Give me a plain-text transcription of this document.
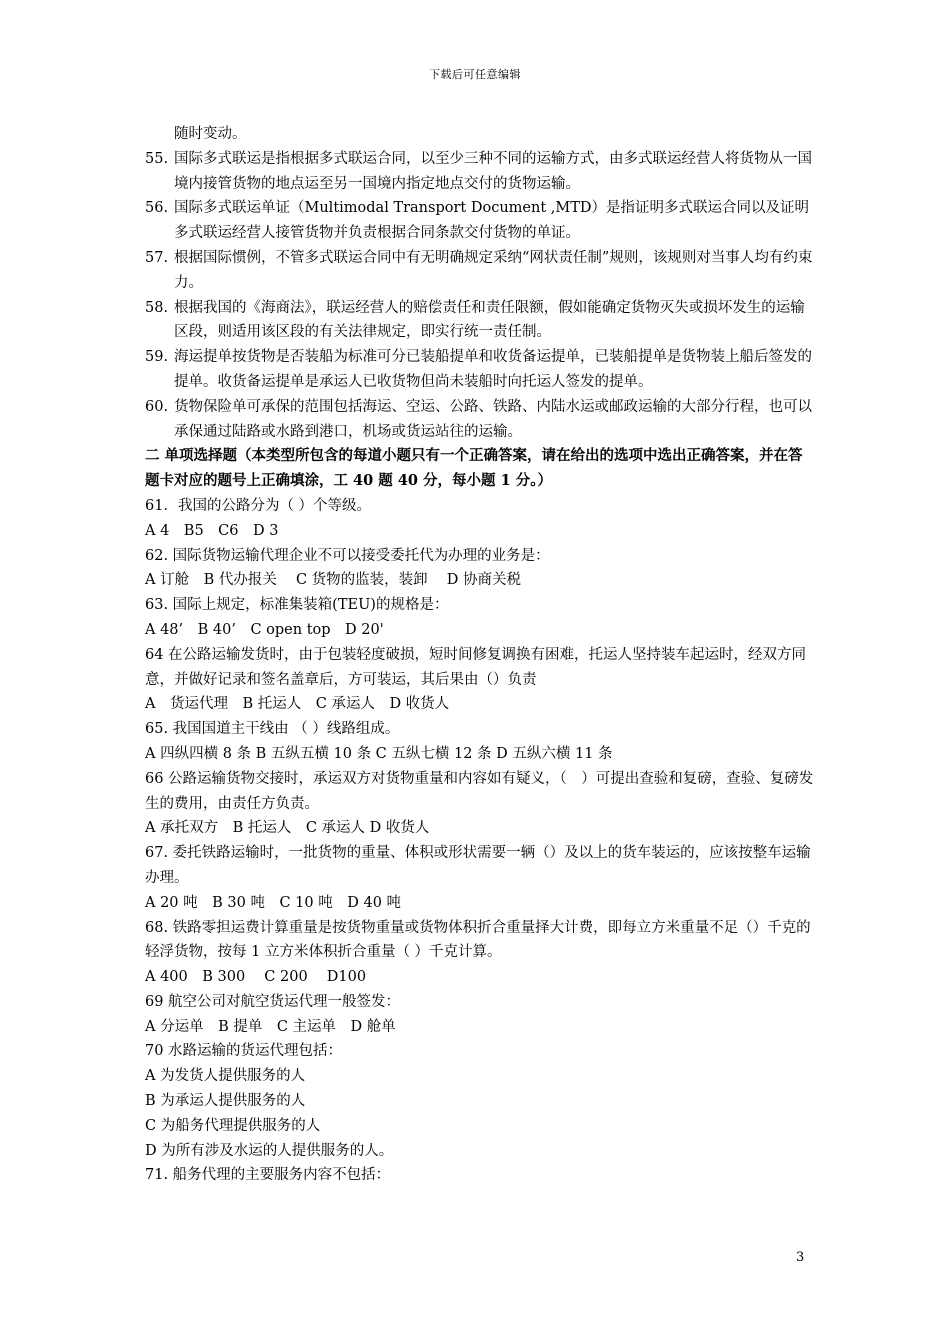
下载后可任意编辑

随时变动。

55. 国际多式联运是指根据多式联运合同，以至少三种不同的运输方式，由多式联运经营人将货物从一国境内接管货物的地点运至另一国境内指定地点交付的货物运输。
56. 国际多式联运单证（Multimodal Transport Document ,MTD）是指证明多式联运合同以及证明多式联运经营人接管货物并负责根据合同条款交付货物的单证。
57. 根据国际惯例，不管多式联运合同中有无明确规定采纳“网状责任制”规则，该规则对当事人均有约束力。
58. 根据我国的《海商法》，联运经营人的赔偿责任和责任限额，假如能确定货物灭失或损坏发生的运输区段，则适用该区段的有关法律规定，即实行统一责任制。
59. 海运提单按货物是否装船为标准可分已装船提单和收货备运提单，已装船提单是货物装上船后签发的提单。收货备运提单是承运人已收货物但尚未装船时向托运人签发的提单。
60. 货物保险单可承保的范围包括海运、空运、公路、铁路、内陆水运或邮政运输的大部分行程，也可以承保通过陆路或水路到港口，机场或货运站往的运输。

二 单项选择题（本类型所包含的每道小题只有一个正确答案，请在给出的选项中选出正确答案，并在答题卡对应的题号上正确填涂，工 40 题 40 分，每小题 1 分。）

61．我国的公路分为（ ）个等级。

A 4　B5　C6　D 3

62. 国际货物运输代理企业不可以接受委托代为办理的业务是：

A 订舱　B 代办报关　 C 货物的监装，装卸　 D 协商关税

63. 国际上规定，标准集装箱(TEU)的规格是：

A 48’　B 40’　C open top　D 20'

64 在公路运输发货时，由于包装轻度破损，短时间修复调换有困难，托运人坚持装车起运时，经双方同意，并做好记录和签名盖章后，方可装运，其后果由（）负责

A　货运代理　B 托运人　C 承运人　D 收货人

65. 我国国道主干线由 （ ）线路组成。

A 四纵四横 8 条 B 五纵五横 10 条 C 五纵七横 12 条 D 五纵六横 11 条

66 公路运输货物交接时，承运双方对货物重量和内容如有疑义，（　）可提出查验和复磅，查验、复磅发生的费用，由责任方负责。

A 承托双方　B 托运人　C 承运人 D 收货人

67. 委托铁路运输时，一批货物的重量、体积或形状需要一辆（）及以上的货车装运的，应该按整车运输办理。

A 20 吨　B 30 吨　C 10 吨　D 40 吨

68. 铁路零担运费计算重量是按货物重量或货物体积折合重量择大计费，即每立方米重量不足（）千克的轻浮货物，按每 1 立方米体积折合重量（ ）千克计算。

A 400　B 300　 C 200　 D100

69 航空公司对航空货运代理一般签发：

A 分运单　B 提单　C 主运单　D 舱单

70 水路运输的货运代理包括：

A 为发货人提供服务的人

B 为承运人提供服务的人

C 为船务代理提供服务的人

D 为所有涉及水运的人提供服务的人。

71. 船务代理的主要服务内容不包括：

3
